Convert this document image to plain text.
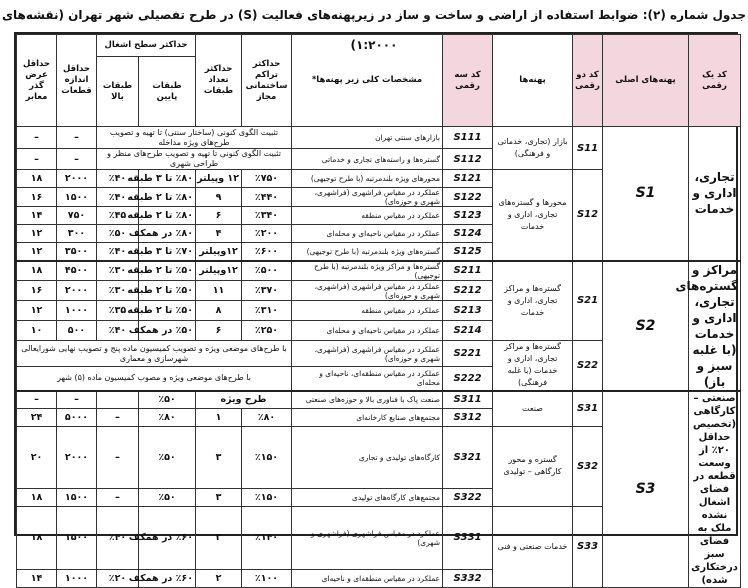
جدول شماره (۲): ضوابط استفاده از اراضی و ساخت و ساز در زیرپهنه‌های فعالیت (S) در طرح تفصیلی شهر تهران (نقشه‌های ۱:۲۰۰۰)
کد یک رقمی	پهنه‌های اصلی	کد دو رقمی	پهنه‌ها	کد سه رقمی	مشخصات کلی زیر پهنه‌ها*	حداکثر تراکم ساختمانی مجاز	حداکثر تعداد طبقات	حداکثر سطح اشغال		حداقل اندازه قطعات	حداقل عرض گذر معابر
								طبقات پایین	طبقات بالا		
تجاری، اداری و خدمات	S1	S11	بازار (تجاری، خدماتی و فرهنگی)	S111	بازارهای سنتی تهران	تثبیت الگوی کنونی (ساختار سنتی) تا تهیه و تصویب طرح‌های ویژه مداخله				–	–
				S112	گستره‌ها و راسته‌های تجاری و خدماتی	تثبیت الگوی کنونی تا تهیه و تصویب طرح‌های منظر و طراحی شهری				–	–
		S12	محورها و گستره‌های تجاری، اداری و خدمات	S121	محورهای ویژه بلندمرتبه (با طرح توجیهی)	٪۷۵۰	۱۲ وپیلتر	٪۸۰ تا ۳ طبقه	٪۴۰	۲۰۰۰	۱۸
				S122	عملکرد در مقیاس فراشهری (فراشهری، شهری و حوزه‌ای)	٪۴۴۰	۹	٪۸۰ تا ۲ طبقه	٪۴۰	۱۵۰۰	۱۶
				S123	عملکرد در مقیاس منطقه	٪۳۴۰	۶	٪۸۰ تا ۲ طبقه	٪۴۵	۷۵۰	۱۴
				S124	عملکرد در مقیاس ناحیه‌ای و محله‌ای	٪۲۰۰	۴	٪۸۰ در همکف	٪۵۰	۳۰۰	۱۲
				S125	گستره‌های ویژه بلندمرتبه (با طرح توجیهی)	٪۶۰۰	۱۲وپیلتر	٪۷۰ تا ۳ طبقه	٪۴۰	۳۵۰۰	۱۲
مراکز و گستره‌های تجاری، اداری و خدمات (با غلبه سبز و باز)	S2	S21	گستره‌ها و مراکز تجاری، اداری و خدمات	S211	گستره‌ها و مراکز ویژه بلندمرتبه (با طرح توجیهی)	٪۵۰۰	۱۲وپیلتر	٪۵۰ تا ۲ طبقه	٪۳۰	۴۵۰۰	۱۸
				S212	عملکرد در مقیاس فراشهری (فراشهری، شهری و حوزه‌ای)	٪۳۷۰	۱۱	٪۵۰ تا ۲ طبقه	٪۳۰	۲۰۰۰	۱۶
				S213	عملکرد در مقیاس منطقه	٪۳۱۰	۸	٪۵۰ تا ۲ طبقه	٪۳۵	۱۰۰۰	۱۲
				S214	عملکرد در مقیاس ناحیه‌ای و محله‌ای	٪۲۵۰	۶	٪۵۰ در همکف	٪۴۰	۵۰۰	۱۰
		S22	گستره‌ها و مراکز تجاری، اداری و خدمات (با غلبه فرهنگی)	S221	عملکرد در مقیاس فراشهری (فراشهری، شهری و حوزه‌ای)	با طرح‌های موضعی ویژه و تصویب کمیسیون ماده پنج و تصویب نهایی شورایعالی شهرسازی و معماری					
				S222	عملکرد در مقیاس منطقه‌ای، ناحیه‌ای و محله‌ای	با طرح‌های موضعی ویژه و مصوب کمیسیون ماده (۵) شهر					
صنعتی – کارگاهی (تخصیص حداقل ۲۰٪ از وسعت قطعه در فضای اشغال نشده ملک به فضای سبز درختکاری شده)	S3	S31	صنعت	S311	صنعت پاک با فناوری بالا و حوزه‌های صنعتی	طرح ویژه		٪۵۰		–	–
				S312	مجتمع‌های صنایع کارخانه‌ای	٪۸۰	۱	٪۸۰	–	۵۰۰۰	۲۴
		S32	گستره و محور کارگاهی – تولیدی	S321	کارگاه‌های تولیدی و تجاری	٪۱۵۰	۳	٪۵۰	–	۲۰۰۰	۲۰
				S322	مجتمع‌های کارگاه‌های تولیدی	٪۱۵۰	۳	٪۵۰	–	۱۵۰۰	۱۸
		S33	خدمات صنعتی و فنی	S331	عملکرد در مقیاس فراشهری (فراشهری و شهری)	٪۱۴۰	۳	٪۶۰ در همکف	٪۴۰	۱۵۰۰	۱۸
				S332	عملکرد در مقیاس منطقه‌ای و ناحیه‌ای	٪۱۰۰	۲	٪۶۰ در همکف	٪۲۰	۱۰۰۰	۱۴
